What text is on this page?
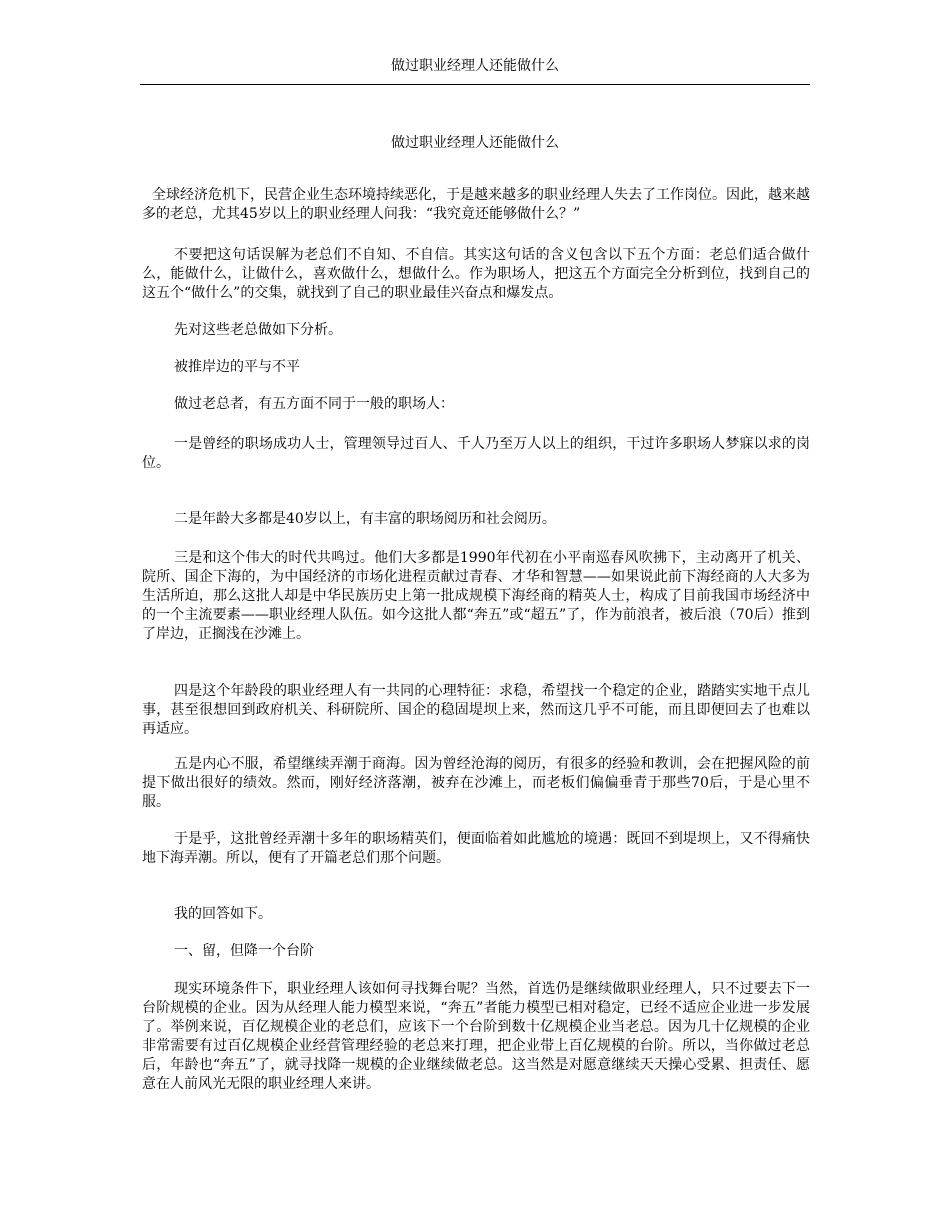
做过职业经理人还能做什么
做过职业经理人还能做什么

全球经济危机下，民营企业生态环境持续恶化，于是越来越多的职业经理人失去了工作岗位。因此，越来越多的老总，尤其45岁以上的职业经理人问我：“我究竟还能够做什么？”

不要把这句话误解为老总们不自知、不自信。其实这句话的含义包含以下五个方面：老总们适合做什么，能做什么，让做什么，喜欢做什么，想做什么。作为职场人，把这五个方面完全分析到位，找到自己的这五个“做什么”的交集，就找到了自己的职业最佳兴奋点和爆发点。

先对这些老总做如下分析。

被推岸边的平与不平

做过老总者，有五方面不同于一般的职场人：

一是曾经的职场成功人士，管理领导过百人、千人乃至万人以上的组织，干过许多职场人梦寐以求的岗位。

二是年龄大多都是40岁以上，有丰富的职场阅历和社会阅历。

三是和这个伟大的时代共鸣过。他们大多都是1990年代初在小平南巡春风吹拂下，主动离开了机关、院所、国企下海的，为中国经济的市场化进程贡献过青春、才华和智慧——如果说此前下海经商的人大多为生活所迫，那么这批人却是中华民族历史上第一批成规模下海经商的精英人士，构成了目前我国市场经济中的一个主流要素——职业经理人队伍。如今这批人都“奔五”或“超五”了，作为前浪者，被后浪（70后）推到了岸边，正搁浅在沙滩上。

四是这个年龄段的职业经理人有一共同的心理特征：求稳，希望找一个稳定的企业，踏踏实实地干点儿事，甚至很想回到政府机关、科研院所、国企的稳固堤坝上来，然而这几乎不可能，而且即便回去了也难以再适应。

五是内心不服，希望继续弄潮于商海。因为曾经沧海的阅历，有很多的经验和教训，会在把握风险的前提下做出很好的绩效。然而，刚好经济落潮，被弃在沙滩上，而老板们偏偏垂青于那些70后，于是心里不服。

于是乎，这批曾经弄潮十多年的职场精英们，便面临着如此尴尬的境遇：既回不到堤坝上，又不得痛快地下海弄潮。所以，便有了开篇老总们那个问题。

我的回答如下。

一、留，但降一个台阶

现实环境条件下，职业经理人该如何寻找舞台呢？当然，首选仍是继续做职业经理人，只不过要去下一台阶规模的企业。因为从经理人能力模型来说，“奔五”者能力模型已相对稳定，已经不适应企业进一步发展了。举例来说，百亿规模企业的老总们，应该下一个台阶到数十亿规模企业当老总。因为几十亿规模的企业非常需要有过百亿规模企业经营管理经验的老总来打理，把企业带上百亿规模的台阶。所以，当你做过老总后，年龄也“奔五”了，就寻找降一规模的企业继续做老总。这当然是对愿意继续天天操心受累、担责任、愿意在人前风光无限的职业经理人来讲。
